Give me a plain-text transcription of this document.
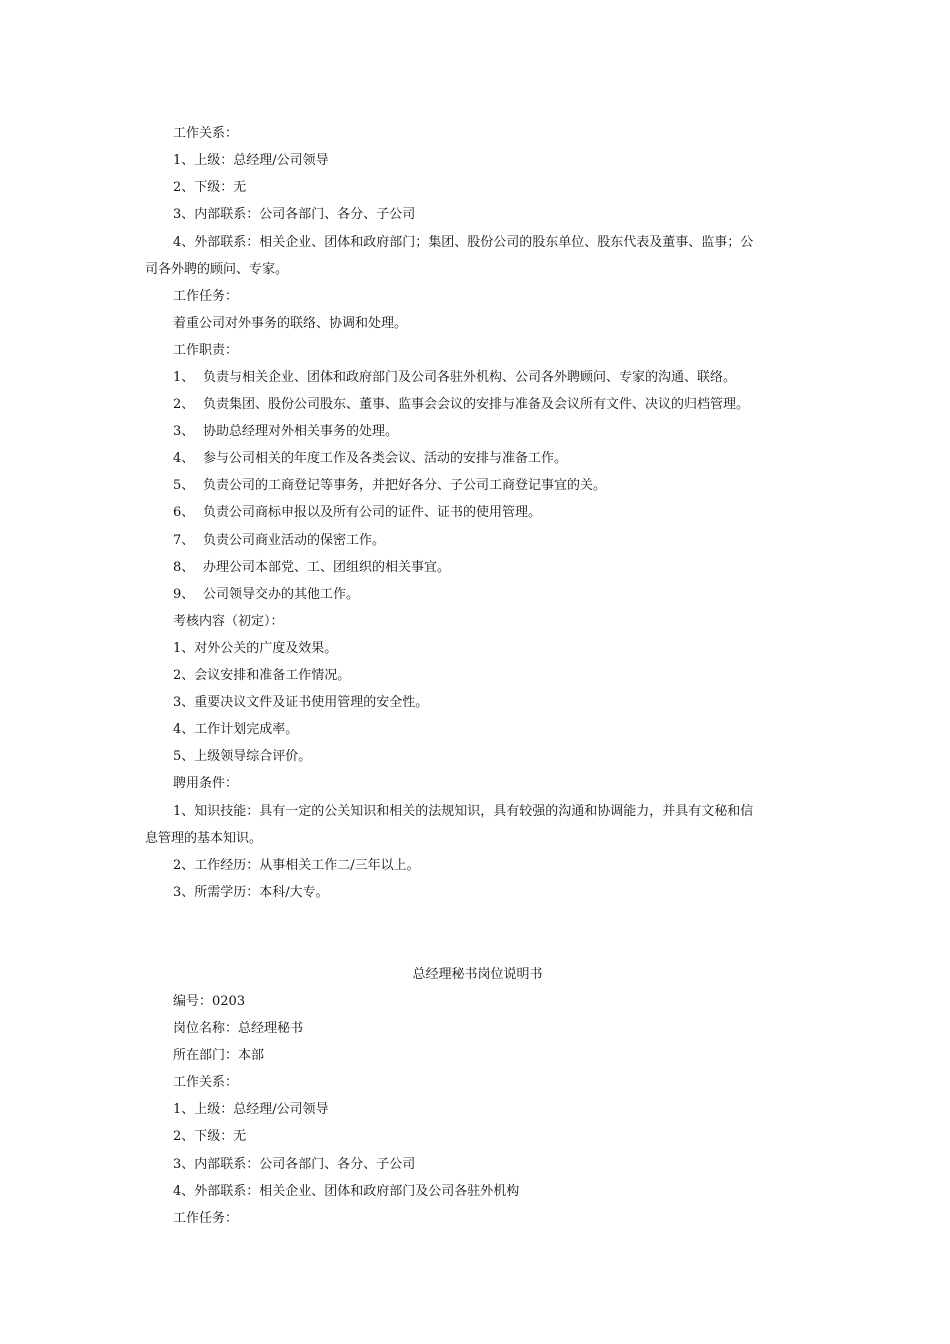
工作关系：
1、上级：总经理/公司领导
2、下级：无
3、内部联系：公司各部门、各分、子公司
4、外部联系：相关企业、团体和政府部门；集团、股份公司的股东单位、股东代表及董事、监事；公
司各外聘的顾问、专家。
工作任务：
着重公司对外事务的联络、协调和处理。
工作职责：
1、 负责与相关企业、团体和政府部门及公司各驻外机构、公司各外聘顾问、专家的沟通、联络。
2、 负责集团、股份公司股东、董事、监事会会议的安排与准备及会议所有文件、决议的归档管理。
3、 协助总经理对外相关事务的处理。
4、 参与公司相关的年度工作及各类会议、活动的安排与准备工作。
5、 负责公司的工商登记等事务，并把好各分、子公司工商登记事宜的关。
6、 负责公司商标申报以及所有公司的证件、证书的使用管理。
7、 负责公司商业活动的保密工作。
8、 办理公司本部党、工、团组织的相关事宜。
9、 公司领导交办的其他工作。
考核内容（初定）：
1、对外公关的广度及效果。
2、会议安排和准备工作情况。
3、重要决议文件及证书使用管理的安全性。
4、工作计划完成率。
5、上级领导综合评价。
聘用条件：
1、知识技能：具有一定的公关知识和相关的法规知识，具有较强的沟通和协调能力，并具有文秘和信
息管理的基本知识。
2、工作经历：从事相关工作二/三年以上。
3、所需学历：本科/大专。
总经理秘书岗位说明书
编号：0203
岗位名称：总经理秘书
所在部门：本部
工作关系：
1、上级：总经理/公司领导
2、下级：无
3、内部联系：公司各部门、各分、子公司
4、外部联系：相关企业、团体和政府部门及公司各驻外机构
工作任务：
